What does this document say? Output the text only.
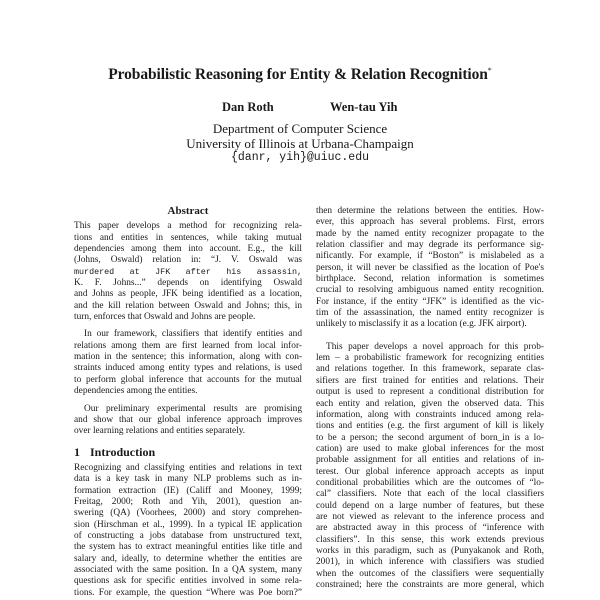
Probabilistic Reasoning for Entity & Relation Recognition*
Dan Roth	Wen-tau Yih
Department of Computer Science
University of Illinois at Urbana-Champaign
{danr, yih}@uiuc.edu
Abstract
This paper develops a method for recognizing rela-
tions and entities in sentences, while taking mutual
dependencies among them into account. E.g., the kill
(Johns, Oswald) relation in: “J. V. Oswald was
murdered at JFK after his assassin,
K. F. Johns...” depends on identifying Oswald
and Johns as people, JFK being identified as a location,
and the kill relation between Oswald and Johns; this, in
turn, enforces that Oswald and Johns are people.
In our framework, classifiers that identify entities and
relations among them are first learned from local infor-
mation in the sentence; this information, along with con-
straints induced among entity types and relations, is used
to perform global inference that accounts for the mutual
dependencies among the entities.
Our preliminary experimental results are promising
and show that our global inference approach improves
over learning relations and entities separately.
1 Introduction
Recognizing and classifying entities and relations in text
data is a key task in many NLP problems such as in-
formation extraction (IE) (Califf and Mooney, 1999;
Freitag, 2000; Roth and Yih, 2001), question an-
swering (QA) (Voorhees, 2000) and story comprehen-
sion (Hirschman et al., 1999). In a typical IE application
of constructing a jobs database from unstructured text,
the system has to extract meaningful entities like title and
salary and, ideally, to determine whether the entities are
associated with the same position. In a QA system, many
questions ask for specific entities involved in some rela-
tions. For example, the question “Where was Poe born?”
then determine the relations between the entities. How-
ever, this approach has several problems. First, errors
made by the named entity recognizer propagate to the
relation classifier and may degrade its performance sig-
nificantly. For example, if “Boston” is mislabeled as a
person, it will never be classified as the location of Poe's
birthplace. Second, relation information is sometimes
crucial to resolving ambiguous named entity recognition.
For instance, if the entity “JFK” is identified as the vic-
tim of the assassination, the named entity recognizer is
unlikely to misclassify it as a location (e.g. JFK airport).
This paper develops a novel approach for this prob-
lem – a probabilistic framework for recognizing entities
and relations together. In this framework, separate clas-
sifiers are first trained for entities and relations. Their
output is used to represent a conditional distribution for
each entity and relation, given the observed data. This
information, along with constraints induced among rela-
tions and entities (e.g. the first argument of kill is likely
to be a person; the second argument of born_in is a lo-
cation) are used to make global inferences for the most
probable assignment for all entities and relations of in-
terest. Our global inference approach accepts as input
conditional probabilities which are the outcomes of “lo-
cal” classifiers. Note that each of the local classifiers
could depend on a large number of features, but these
are not viewed as relevant to the inference process and
are abstracted away in this process of “inference with
classifiers”. In this sense, this work extends previous
works in this paradigm, such as (Punyakanok and Roth,
2001), in which inference with classifiers was studied
when the outcomes of the classifiers were sequentially
constrained; here the constraints are more general, which
